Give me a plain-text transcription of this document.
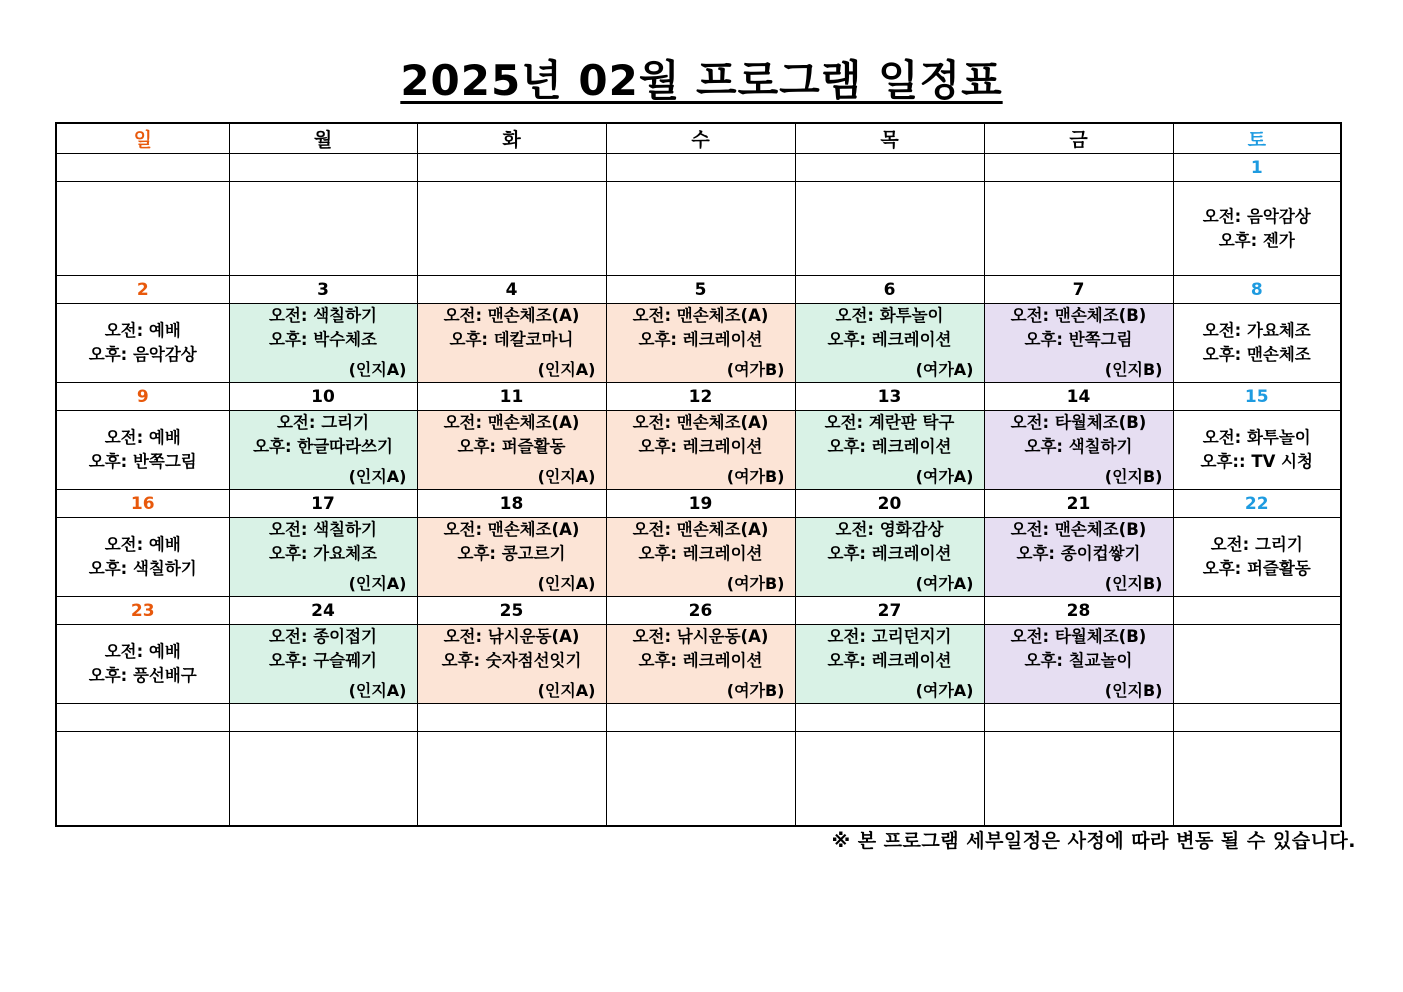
2025년 02월 프로그램 일정표
일	월	화	수	목	금	토
						1

						오전: 음악감상
오후: 젠가

2	3	4	5	6	7	8

오전: 예배
오후: 음악감상	오전: 색칠하기
오후: 박수체조
(인지A)	오전: 맨손체조(A)
오후: 데칼코마니
(인지A)	오전: 맨손체조(A)
오후: 레크레이션
(여가B)	오전: 화투놀이
오후: 레크레이션
(여가A)	오전: 맨손체조(B)
오후: 반쪽그림
(인지B)	오전: 가요체조
오후: 맨손체조

9	10	11	12	13	14	15

오전: 예배
오후: 반쪽그림	오전: 그리기
오후: 한글따라쓰기
(인지A)	오전: 맨손체조(A)
오후: 퍼즐활동
(인지A)	오전: 맨손체조(A)
오후: 레크레이션
(여가B)	오전: 계란판 탁구
오후: 레크레이션
(여가A)	오전: 타월체조(B)
오후: 색칠하기
(인지B)	오전: 화투놀이
오후:: TV 시청

16	17	18	19	20	21	22

오전: 예배
오후: 색칠하기	오전: 색칠하기
오후: 가요체조
(인지A)	오전: 맨손체조(A)
오후: 콩고르기
(인지A)	오전: 맨손체조(A)
오후: 레크레이션
(여가B)	오전: 영화감상
오후: 레크레이션
(여가A)	오전: 맨손체조(B)
오후: 종이컵쌓기
(인지B)	오전: 그리기
오후: 퍼즐활동

23	24	25	26	27	28	

오전: 예배
오후: 풍선배구	오전: 종이접기
오후: 구슬꿰기
(인지A)	오전: 낚시운동(A)
오후: 숫자점선잇기
(인지A)	오전: 낚시운동(A)
오후: 레크레이션
(여가B)	오전: 고리던지기
오후: 레크레이션
(여가A)	오전: 타월체조(B)
오후: 칠교놀이
(인지B)	

※ 본 프로그램 세부일정은 사정에 따라 변동 될 수 있습니다.
